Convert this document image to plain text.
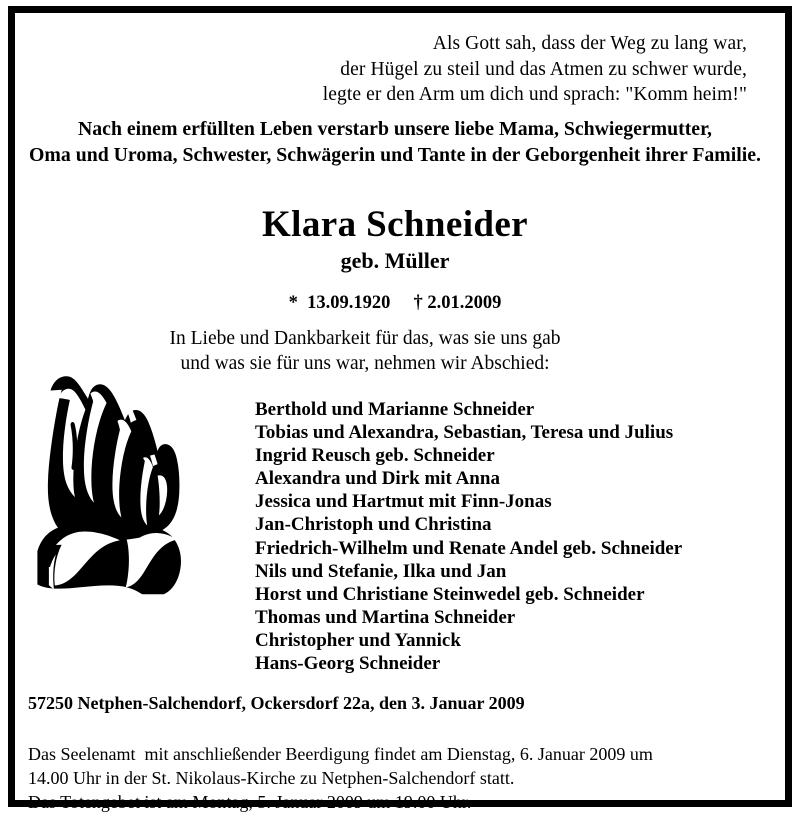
Als Gott sah, dass der Weg zu lang war,
der Hügel zu steil und das Atmen zu schwer wurde,
legte er den Arm um dich und sprach: "Komm heim!"
Nach einem erfüllten Leben verstarb unsere liebe Mama, Schwiegermutter,
Oma und Uroma, Schwester, Schwägerin und Tante in der Geborgenheit ihrer Familie.
Klara Schneider
geb. Müller
*  13.09.1920     † 2.01.2009
In Liebe und Dankbarkeit für das, was sie uns gab
und was sie für uns war, nehmen wir Abschied:
Berthold und Marianne Schneider
Tobias und Alexandra, Sebastian, Teresa und Julius
Ingrid Reusch geb. Schneider
Alexandra und Dirk mit Anna
Jessica und Hartmut mit Finn-Jonas
Jan-Christoph und Christina
Friedrich-Wilhelm und Renate Andel geb. Schneider
Nils und Stefanie, Ilka und Jan
Horst und Christiane Steinwedel geb. Schneider
Thomas und Martina Schneider
Christopher und Yannick
Hans-Georg Schneider
57250 Netphen-Salchendorf, Ockersdorf 22a, den 3. Januar 2009
Das Seelenamt  mit anschließender Beerdigung findet am Dienstag, 6. Januar 2009 um
14.00 Uhr in der St. Nikolaus-Kirche zu Netphen-Salchendorf statt.
Das Totengebet ist am Montag, 5. Januar 2009 um 19.00 Uhr.
